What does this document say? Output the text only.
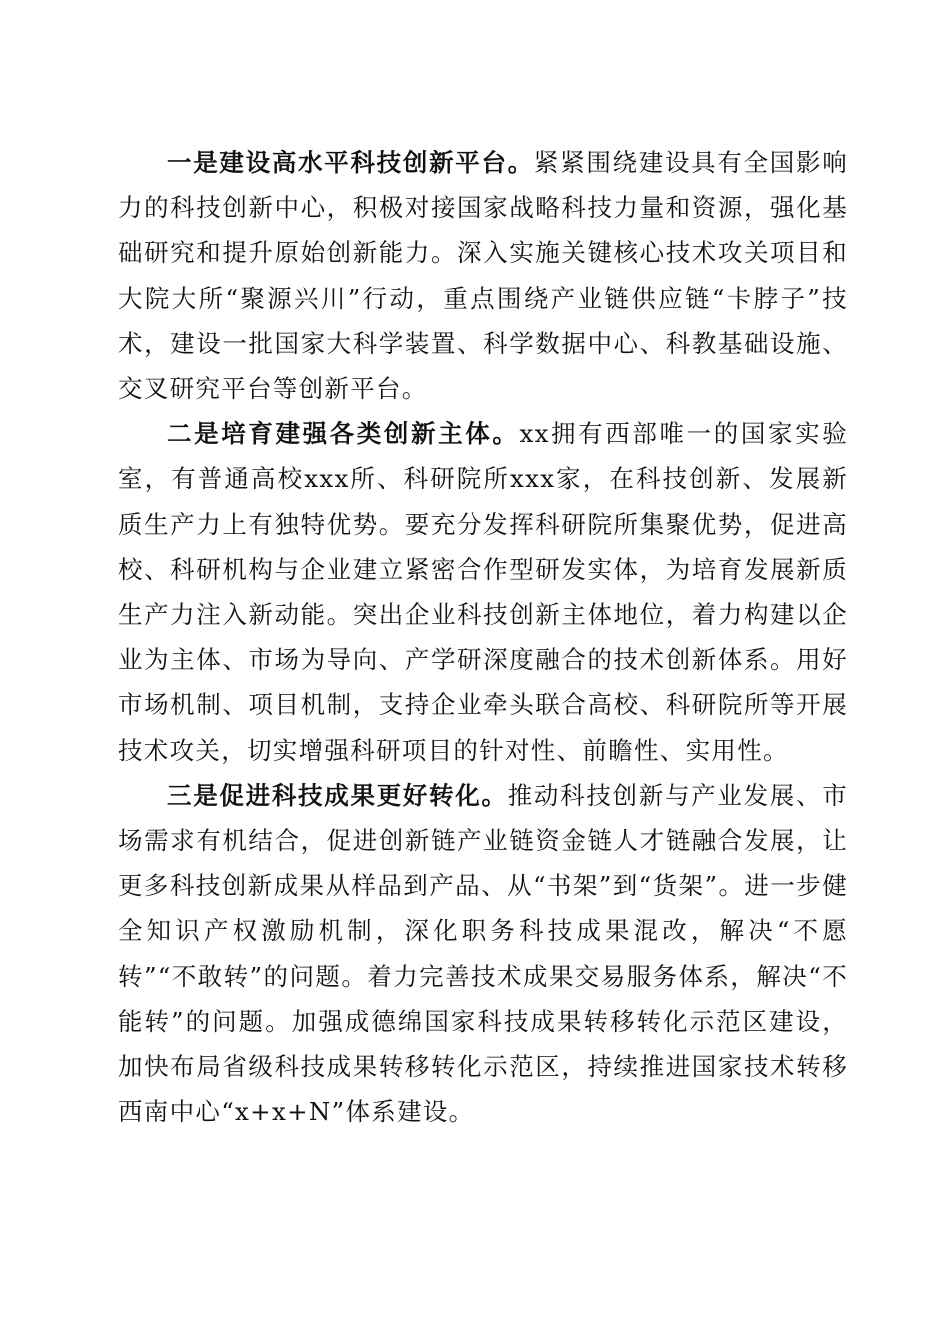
一是建设高水平科技创新平台。紧紧围绕建设具有全国影响力的科技创新中心，积极对接国家战略科技力量和资源，强化基础研究和提升原始创新能力。深入实施关键核心技术攻关项目和大院大所“聚源兴川”行动，重点围绕产业链供应链“卡脖子”技术，建设一批国家大科学装置、科学数据中心、科教基础设施、交叉研究平台等创新平台。

二是培育建强各类创新主体。xx拥有西部唯一的国家实验室，有普通高校xxx所、科研院所xxx家，在科技创新、发展新质生产力上有独特优势。要充分发挥科研院所集聚优势，促进高校、科研机构与企业建立紧密合作型研发实体，为培育发展新质生产力注入新动能。突出企业科技创新主体地位，着力构建以企业为主体、市场为导向、产学研深度融合的技术创新体系。用好市场机制、项目机制，支持企业牵头联合高校、科研院所等开展技术攻关，切实增强科研项目的针对性、前瞻性、实用性。

三是促进科技成果更好转化。推动科技创新与产业发展、市场需求有机结合，促进创新链产业链资金链人才链融合发展，让更多科技创新成果从样品到产品、从“书架”到“货架”。进一步健全知识产权激励机制，深化职务科技成果混改，解决“不愿转”“不敢转”的问题。着力完善技术成果交易服务体系，解决“不能转”的问题。加强成德绵国家科技成果转移转化示范区建设，加快布局省级科技成果转移转化示范区，持续推进国家技术转移西南中心“x+x+N”体系建设。
